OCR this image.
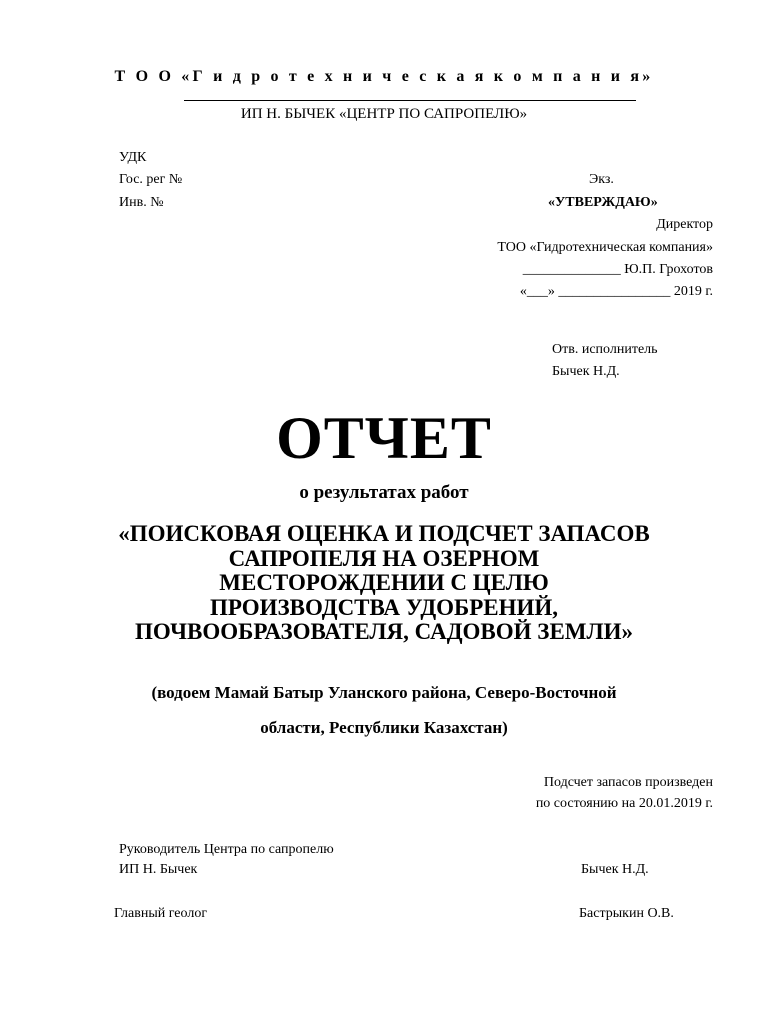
Т О О «Г и д р о т е х н и ч е с к а я к о м п а н и я»
ИП Н. БЫЧЕК «ЦЕНТР ПО САПРОПЕЛЮ»
УДК
Гос. рег №
Инв. №
Экз.
«УТВЕРЖДАЮ»
Директор
ТОО «Гидротехническая компания»
______________ Ю.П. Грохотов
«___» ________________ 2019 г.
Отв. исполнитель
Бычек Н.Д.
ОТЧЕТ
о результатах работ
«ПОИСКОВАЯ ОЦЕНКА И ПОДСЧЕТ ЗАПАСОВ
САПРОПЕЛЯ НА ОЗЕРНОМ
МЕСТОРОЖДЕНИИ С ЦЕЛЮ
ПРОИЗВОДСТВА УДОБРЕНИЙ,
ПОЧВООБРАЗОВАТЕЛЯ, САДОВОЙ ЗЕМЛИ»
(водоем Мамай Батыр Уланского района, Северо-Восточной
области, Республики Казахстан)
Подсчет запасов произведен
по состоянию на 20.01.2019 г.
Руководитель Центра по сапропелю
ИП Н. Бычек	Бычек Н.Д.
Главный геолог	Бастрыкин О.В.
